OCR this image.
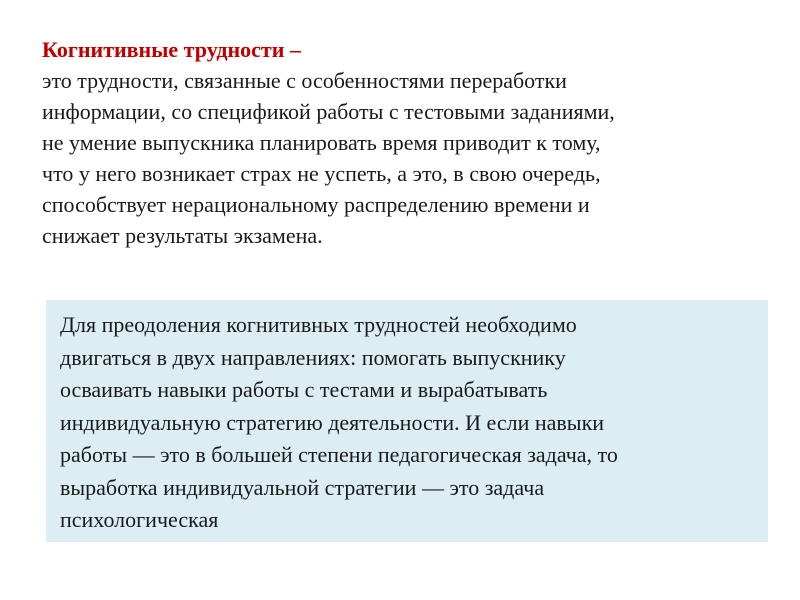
Когнитивные трудности –
это трудности, связанные с особенностями переработки
информации, со спецификой работы с тестовыми заданиями,
не умение выпускника планировать время приводит к тому,
что у него возникает страх не успеть, а это, в свою очередь,
способствует нерациональному распределению времени и
снижает результаты экзамена.
Для преодоления когнитивных трудностей необходимо
двигаться в двух направлениях: помогать выпускнику
осваивать навыки работы с тестами и вырабатывать
индивидуальную стратегию деятельности. И если навыки
работы — это в большей степени педагогическая задача, то
выработка индивидуальной стратегии — это задача
психологическая
